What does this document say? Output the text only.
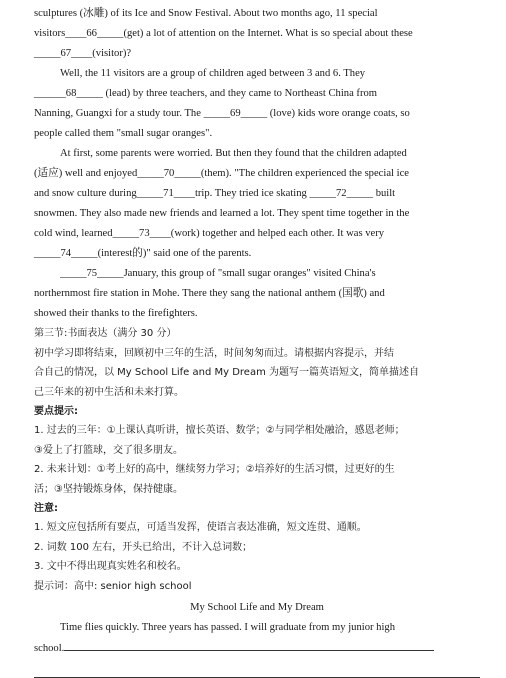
sculptures (冰雕) of its Ice and Snow Festival. About two months ago, 11 special

visitors____66_____(get) a lot of attention on the Internet. What is so special about these

_____67____(visitor)?

Well, the 11 visitors are a group of children aged between 3 and 6. They

______68_____ (lead) by three teachers, and they came to Northeast China from

Nanning, Guangxi for a study tour. The _____69_____ (love) kids wore orange coats, so

people called them "small sugar oranges".

At first, some parents were worried. But then they found that the children adapted

(适应) well and enjoyed_____70_____(them). "The children experienced the special ice

and snow culture during_____71____trip. They tried ice skating _____72_____ built

snowmen. They also made new friends and learned a lot. They spent time together in the

cold wind, learned_____73____(work) together and helped each other. It was very

_____74_____(interest的)" said one of the parents.

_____75_____January, this group of "small sugar oranges" visited China's

northernmost fire station in Mohe. There they sang the national anthem (国歌) and

showed their thanks to the firefighters.

第三节:书面表达（满分 30 分）

初中学习即将结束，回顾初中三年的生活，时间匆匆而过。请根据内容提示，并结

合自己的情况，以 My School Life and My Dream 为题写一篇英语短文，简单描述自

己三年来的初中生活和未来打算。

要点提示:

1. 过去的三年：①上课认真听讲，擅长英语、数学；②与同学相处融洽，感恩老师；

③爱上了打篮球，交了很多朋友。

2. 未来计划：①考上好的高中，继续努力学习；②培养好的生活习惯，过更好的生

活；③坚持锻炼身体，保持健康。

注意:

1. 短文应包括所有要点，可适当发挥，使语言表达准确，短文连贯、通顺。

2. 词数 100 左右，开头已给出，不计入总词数；

3. 文中不得出现真实姓名和校名。

提示词：高中: senior high school

My School Life and My Dream

Time flies quickly. Three years has passed. I will graduate from my junior high

school.
